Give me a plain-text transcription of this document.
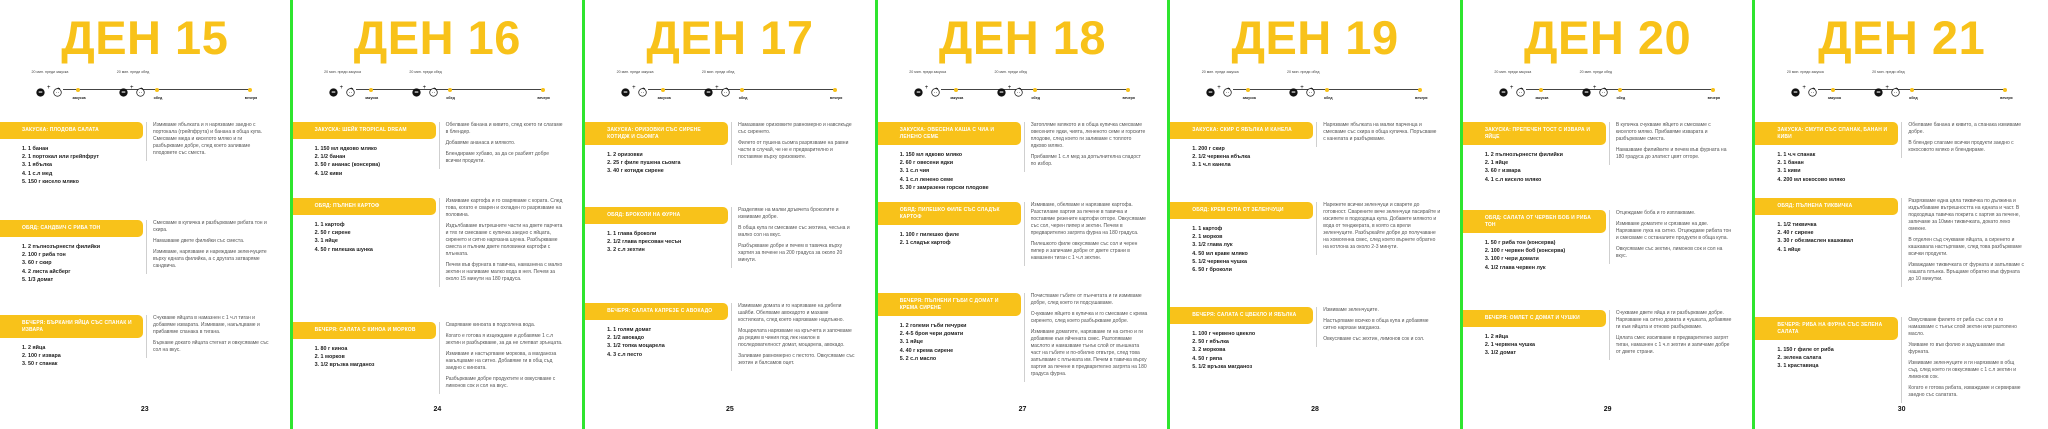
ДЕН 15
20 мин. преди закуска	20 мин. преди обед
+	+
закуска	обед	вечеря
ЗАКУСКА: ПЛОДОВА САЛАТА
1. 1 банан
2. 1 портокал или грейпфрут
3. 1 ябълка
4. 1 с.л мед
5. 150 г кисело мляко

Измиваме ябълката и я нарязваме заедно с портокала (грейпфрута) и банана в обща купа. Смесваме меда и киселото мляко и ги разбъркваме добре, след което заливаме плодовете със сместа.

ОБЯД: САНДВИЧ С РИБА ТОН
1. 2 пълнозърнести филийки
2. 100 г риба тон
3. 60 г скир
4. 2 листа айсберг
5. 1/3 домат

Смесваме в купичка и разбъркваме рибата тон и скира.

Намазваме двете филийки със сместа.

Измиваме, нарязваме и нареждаме зеленчуците върху едната филийка, а с другата затваряме сандвича.

ВЕЧЕРЯ: БЪРКАНИ ЯЙЦА СЪС СПАНАК И ИЗВАРА
1. 2 яйца
2. 100 г извара
3. 50 г спанак

Счукваме яйцата в намазнен с 1 ч.л тиган и добавяме изварата. Измиваме, накълцваме и прибавяме спанака в тигана.

Бъркаме докато яйцата стегнат и овкусяваме със сол на вкус.

23
ДЕН 16
20 мин. преди закуска	20 мин. преди обед
+	+
закуска	обед	вечеря
ЗАКУСКА: ШЕЙК TROPICAL DREAM
1. 150 мл ядково мляко
2. 1/2 банан
3. 50 г ананас (консерва)
4. 1/2 киви

Обелваме банана и кивито, след което ги слагаме в блендер.

Добавяме ананаса и млякото.

Блендираме хубаво, за да се разбият добре всички продукти.

ОБЯД: ПЪЛНЕН КАРТОФ
1. 1 картоф
2. 50 г сирене
3. 1 яйце
4. 50 г пилешка шунка

Измиваме картофа и го сваряваме с кората. След това, когато е сварен и охладен го разрязваме на половина.

Издълбаваме вътрешните части на двете парчета и тях ги смесваме с купичка заедно с яйцата, сиренето и ситно нарязана шунка. Разбъркваме сместа и пълним двете половинки картофи с плънката.

Печем във фурната в тавичка, намазнена с малко зехтин и наливаме малко вода в нея. Печем за около 15 минути на 180 градуса.

ВЕЧЕРЯ: САЛАТА С КИНОА И МОРКОВ
1. 80 г киноа
2. 1 морков
3. 1/2 връзка магданоз

Сваряваме киноата в подсолена вода.

Когато е готова я изцеждаме и добавяме 1 с.л зехтин и разбъркваме, за да не слепват зрънцата.

Измиваме и настъргваме моркова, а магданоза накълцваме на ситно. Добавяме ги в общ съд заедно с киноата.

Разбъркваме добре продуктите и овкусяваме с лимонов сок и сол на вкус.

24
ДЕН 17
20 мин. преди закуска	20 мин. преди обед
+	+
закуска	обед	вечеря
ЗАКУСКА: ОРИЗОВКИ СЪС СИРЕНЕ КОТИДЖ И СЬОМГА
1. 2 оризовки
2. 25 г филе пушена сьомга
3. 40 г котидж сирене

Намазваме оризовките равномерно и навсякъде със сиренето.

Филето от пушена сьомга разрязваме на равни части в случай, че не е предварително и поставяме върху оризовките.

ОБЯД: БРОКОЛИ НА ФУРНА
1. 1 глава броколи
2. 1/2 глава пресован чесън
3. 2 с.л зехтин

Разделяме на малки дръвчета броколите и измиваме добре.

В обща купа ги смесваме със зехтина, чесъна и малко сол на вкус.

Разбъркваме добре и печем в тавичка върху хартия за печене на 200 градуса за около 20 минути.

ВЕЧЕРЯ: САЛАТА КАПРЕЗЕ С АВОКАДО
1. 1 голям домат
2. 1/2 авокадо
3. 1/2 топка моцарела
4. 3 с.л песто

Измиваме домата и го нарязваме на дебели шайби. Обелваме авокадото и махаме костилката, след което нарязваме надлъжно.

Моцарелата нарязваме на кръгчета и започваме да редим в чиния под лек наклон в последователност домат, моцарела, авокадо.

Заливаме равномерно с пестото. Овкусяваме със зехтин и балсамов оцет.

25
ДЕН 18
20 мин. преди закуска	20 мин. преди обед
+	+
закуска	обед	вечеря
ЗАКУСКА: ОВЕСЕНА КАША С ЧИА И ЛЕНЕНО СЕМЕ
1. 150 мл ядково мляко
2. 60 г овесени ядки
3. 1 с.л чия
4. 1 с.л ленено семе
5. 30 г замразени горски плодове

Затопляме млякото и в обща купичка смесваме овесените ядки, чията, лененото семе и горските плодове, след което ги заливаме с топлото ядково мляко.

Прибавяме 1 с.л мед за допълнителна сладост по избор.

ОБЯД: ПИЛЕШКО ФИЛЕ СЪС СЛАДЪК КАРТОФ
1. 100 г пилешко филе
2. 1 сладък картоф

Измиваме, обелваме и нарязваме картофа. Разстиламе хартия за печене в тавичка и поставяме резените картофи отгоре. Овкусяваме със сол, черен пипер и зехтин. Печем в предварително загрята фурна на 180 градуса.

Пилешкото филе овкусяваме със сол и черен пипер и запичаме добре от двете страни в намазнен тиган с 1 ч.л зехтин.

ВЕЧЕРЯ: ПЪЛНЕНИ ГЪБИ С ДОМАТ И КРЕМА СИРЕНЕ
1. 2 големи гъби печурки
2. 4-5 броя чери домати
3. 1 яйце
4. 40 г крема сирене
5. 2 с.л масло

Почистваме гъбите от пънчетата и ги измиваме добре, след което ги подсушаваме.

Счукваме яйцето в купичка и го смесваме с крема сиренето, след което разбъркваме добре.

Измиваме доматите, нарязваме ги на ситно и ги добавяме към яйчената смес. Разтопяваме маслото и намазваме тънък слой от външната част на гъбите и по-обилно отвътре, след това запълваме с плънката им. Печем в тавичка върху хартия за печене в предварително загрята на 180 градуса фурна.

27
ДЕН 19
20 мин. преди закуска	20 мин. преди обед
+	+
закуска	обед	вечеря
ЗАКУСКА: СКИР С ЯБЪЛКА И КАНЕЛА
1. 200 г скир
2. 1/2 червена ябълка
3. 1 ч.л канела

Нарязваме ябълката на малки парченца и смесваме със скира в обща купичка. Поръсваме с канелата и разбъркваме.

ОБЯД: КРЕМ СУПА ОТ ЗЕЛЕНЧУЦИ
1. 1 картоф
2. 1 морков
3. 1/2 глава лук
4. 50 мл краве мляко
5. 1/2 червена чушка
6. 50 г броколи

Нарежете всички зеленчуци и сварете до готовност. Сварените вече зеленчуци пасирайте и изсипете в подходяща купа. Добавете млякото и вода от тенджерата, в която са врели зеленчуците. Разбъркайте добре до получаване на хомогенна смес, след което върнете обратно на котлона за около 2-3 минути.

ВЕЧЕРЯ: САЛАТА С ЦВЕКЛО И ЯБЪЛКА
1. 100 г червено цвекло
2. 50 г ябълка
3. 2 моркова
4. 50 г ряпа
5. 1/2 връзка магданоз

Измиваме зеленчуците.

Настъргваме всичко в обща купа и добавяме ситно нарязан магданоз.

Овкусяваме със зехтин, лимонов сок и сол.

28
ДЕН 20
20 мин. преди закуска	20 мин. преди обед
+	+
закуска	обед	вечеря
ЗАКУСКА: ПРЕПЕЧЕН ТОСТ С ИЗВАРА И ЯЙЦЕ
1. 2 пълнозърнести филийки
2. 1 яйце
3. 60 г извара
4. 1 с.л кисело мляко

В купичка счукваме яйцето и смесваме с киселото мляко. Прибавяме изварата и разбъркваме сместа.

Намазваме филийките и печем във фурната на 180 градуса до златист цвят отгоре.

ОБЯД: САЛАТА ОТ ЧЕРВЕН БОБ И РИБА ТОН
1. 50 г риба тон (консерва)
2. 100 г червен боб (консерва)
3. 100 г чери домати
4. 1/2 глава червен лук

Отцеждаме боба и го изплакваме.

Измиваме доматите и срязваме на две. Нарязваме лука на ситно. Отцеждаме рибата тон и смесваме с останалите продукти в обща купа.

Овкусяваме със зехтин, лимонов сок и сол на вкус.

ВЕЧЕРЯ: ОМЛЕТ С ДОМАТ И ЧУШКИ
1. 2 яйца
2. 1 червена чушка
3. 1/2 домат

Счукваме двете яйца и ги разбъркваме добре. Нарязваме на ситно домата и чушката, добавяме ги към яйцата и отново разбъркваме.

Цялата смес изсипваме в предварително загрят тиган, намазнен с 1 ч.л зехтин и запичаме добре от двете страни.

29
ДЕН 21
20 мин. преди закуска	20 мин. преди обед
+	+
закуска	обед	вечеря
ЗАКУСКА: СМУТИ СЪС СПАНАК, БАНАН И КИВИ
1. 1 ч.ч спанак
2. 1 банан
3. 1 киви
4. 200 мл кокосово мляко

Обелваме банана и кивито, а спанака измиваме добре.

В блендер слагаме всички продукти заедно с кокосовото мляко и блендираме.

ОБЯД: ПЪЛНЕНА ТИКВИЧКА
1. 1/2 тиквичка
2. 40 г сирене
3. 30 г обезмаслен кашкавал
4. 1 яйце

Разрязваме една цяла тиквичка по дължина и издълбаваме вътрешността на едната и част. В подходяща тавичка покрита с хартия за печене, запичаме за 10мин тиквичката, докато леко омекне.

В отделен съд счукваме яйцата, а сиренето и кашкавала настъргваме, след това разбъркваме всички продукти.

Изваждаме тиквичката от фурната и запълваме с нашата плънка. Връщаме обратно във фурната до 10 минутки.

ВЕЧЕРЯ: РИБА НА ФУРНА СЪС ЗЕЛЕНА САЛАТА
1. 150 г филе от риба
2. зелена салата
3. 1 краставица

Овкусяваме филето от риба със сол и го намазваме с тънък слой зехтин или разтопено масло.

Увиваме го във фолио и задушаваме във фурната.

Измиваме зеленчуците и ги нарязваме в общ съд, след което ги овкусяваме с 1 с.л зехтин и лимонов сок.

Когато е готова рибата, изваждаме и сервираме заедно със салатата.

30
